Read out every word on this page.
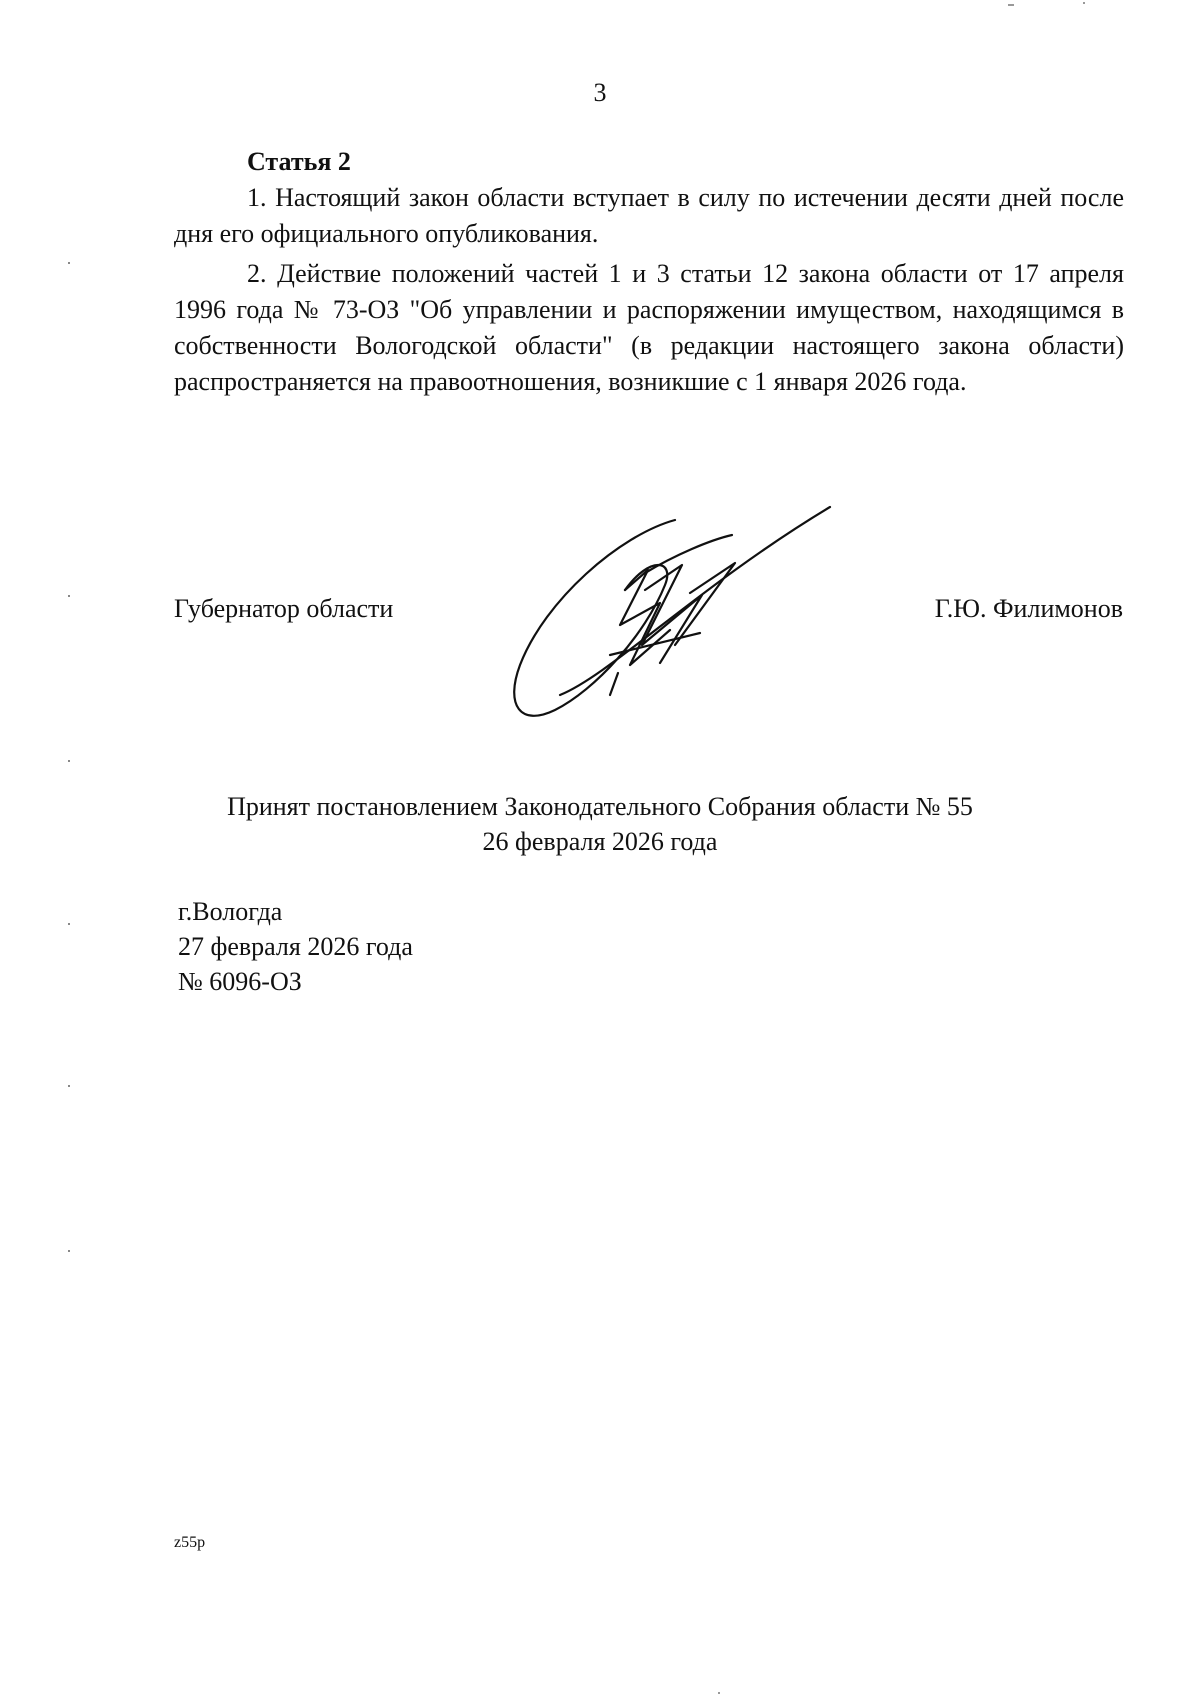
3

Статья 2

1. Настоящий закон области вступает в силу по истечении десяти дней после дня его официального опубликования.

2. Действие положений частей 1 и 3 статьи 12 закона области от 17 апреля 1996 года № 73-ОЗ "Об управлении и распоряжении имуществом, находящимся в собственности Вологодской области" (в редакции настоящего закона области) распространяется на правоотношения, возникшие с 1 января 2026 года.

Губернатор области	Г.Ю. Филимонов
Принят постановлением Законодательного Собрания области № 55
26 февраля 2026 года
г.Вологда
27 февраля 2026 года
№ 6096-ОЗ
z55p
